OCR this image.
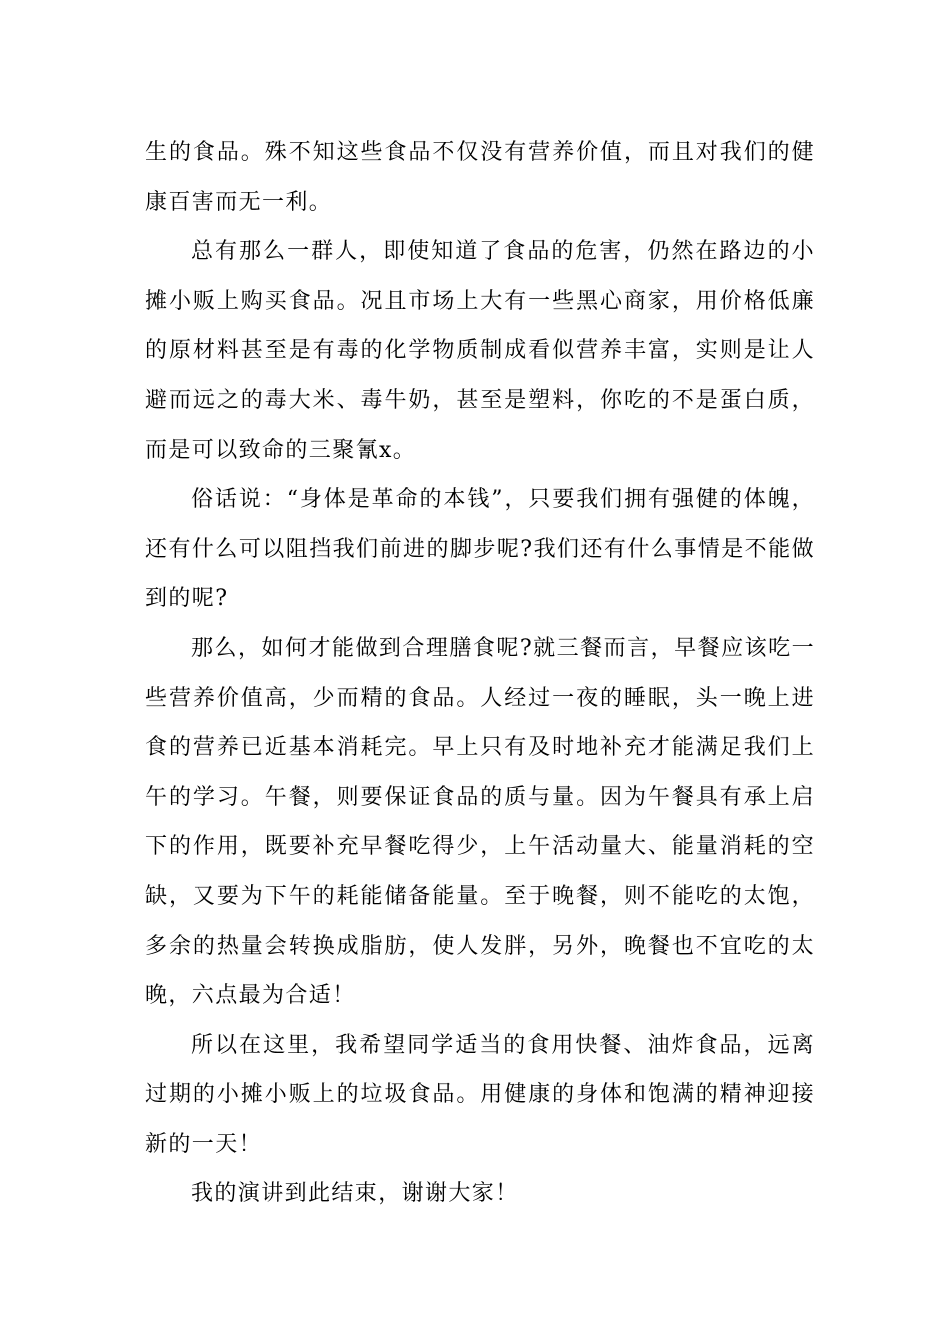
生的食品。殊不知这些食品不仅没有营养价值，而且对我们的健康百害而无一利。

总有那么一群人，即使知道了食品的危害，仍然在路边的小摊小贩上购买食品。况且市场上大有一些黑心商家，用价格低廉的原材料甚至是有毒的化学物质制成看似营养丰富，实则是让人避而远之的毒大米、毒牛奶，甚至是塑料，你吃的不是蛋白质，而是可以致命的三聚氰x。

俗话说：“身体是革命的本钱”，只要我们拥有强健的体魄，还有什么可以阻挡我们前进的脚步呢?我们还有什么事情是不能做到的呢?

那么，如何才能做到合理膳食呢?就三餐而言，早餐应该吃一些营养价值高，少而精的食品。人经过一夜的睡眠，头一晚上进食的营养已近基本消耗完。早上只有及时地补充才能满足我们上午的学习。午餐，则要保证食品的质与量。因为午餐具有承上启下的作用，既要补充早餐吃得少，上午活动量大、能量消耗的空缺，又要为下午的耗能储备能量。至于晚餐，则不能吃的太饱，多余的热量会转换成脂肪，使人发胖，另外，晚餐也不宜吃的太晚，六点最为合适！

所以在这里，我希望同学适当的食用快餐、油炸食品，远离过期的小摊小贩上的垃圾食品。用健康的身体和饱满的精神迎接新的一天！

我的演讲到此结束，谢谢大家！
